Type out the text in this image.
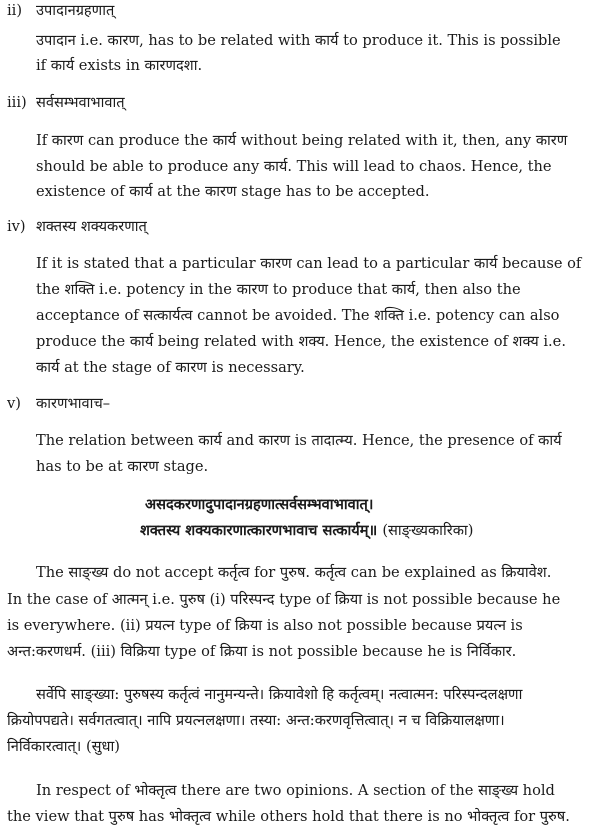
ii) उपादानग्रहणात्
उपादान i.e. कारण, has to be related with कार्य to produce it. This is possible
if कार्य exists in कारणदशा.
iii) सर्वसम्भवाभावात्
If कारण can produce the कार्य without being related with it, then, any कारण
should be able to produce any कार्य. This will lead to chaos. Hence, the
existence of कार्य at the कारण stage has to be accepted.
iv) शक्तस्य शक्यकरणात्
If it is stated that a particular कारण can lead to a particular कार्य because of
the शक्ति i.e. potency in the कारण to produce that कार्य, then also the
acceptance of सत्कार्यत्व cannot be avoided. The शक्ति i.e. potency can also
produce the कार्य being related with शक्य. Hence, the existence of शक्य i.e.
कार्य at the stage of कारण is necessary.
v) कारणभावाच–
The relation between कार्य and कारण is तादात्म्य. Hence, the presence of कार्य
has to be at कारण stage.
असदकरणादुपादानग्रहणात्सर्वसम्भवाभावात्।
शक्तस्य शक्यकारणात्कारणभावाच सत्कार्यम्॥ (साङ्ख्यकारिका)
The साङ्ख्य do not accept कर्तृत्व for पुरुष. कर्तृत्व can be explained as क्रियावेश.
In the case of आत्मन् i.e. पुरुष (i) परिस्पन्द type of क्रिया is not possible because he
is everywhere. (ii) प्रयत्न type of क्रिया is also not possible because प्रयत्न is
अन्त:करणधर्म. (iii) विक्रिया type of क्रिया is not possible because he is निर्विकार.
सर्वेपि साङ्ख्या: पुरुषस्य कर्तृत्वं नानुमन्यन्ते। क्रियावेशो हि कर्तृत्वम्। नत्वात्मन: परिस्पन्दलक्षणा
क्रियोपपद्यते। सर्वगतत्वात्। नापि प्रयत्नलक्षणा। तस्या: अन्त:करणवृत्तित्वात्। न च विक्रियालक्षणा।
निर्विकारत्वात्। (सुधा)
In respect of भोक्तृत्व there are two opinions. A section of the साङ्ख्य hold
the view that पुरुष has भोक्तृत्व while others hold that there is no भोक्तृत्व for पुरुष.
